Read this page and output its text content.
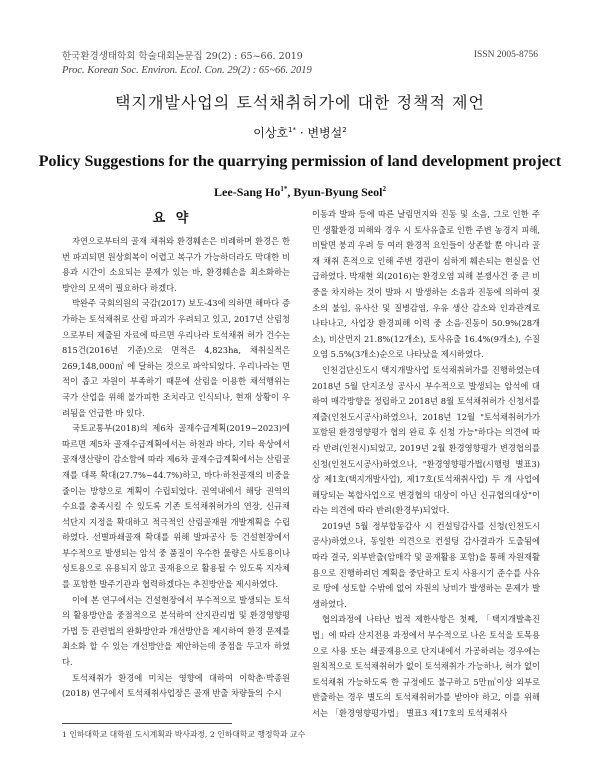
한국환경생태학회 학술대회논문집 29(2) : 65~66. 2019
Proc. Korean Soc. Environ. Ecol. Con. 29(2) : 65~66. 2019
ISSN 2005-8756
택지개발사업의 토석채취허가에 대한 정책적 제언
이상호$^{1*}$ · 변병설$^2$
Policy Suggestions for the quarrying permission of land development project
Lee-Sang $Ho^{1*}$, Byun-Byung Seol$^2$
요 약

자연으로부터의 골재 채취와 환경훼손은 비례하며 환경은 한 번 파괴되면 원상회복이 어렵고 복구가 가능하더라도 막대한 비용과 시간이 소요되는 문제가 있는 바, 환경훼손을 최소화하는 방안의 모색이 필요하다 하겠다.

박완주 국회의원의 국감(2017) 보도-43에 의하면 해마다 증가하는 토석채취로 산림 파괴가 우려되고 있고, 2017년 산림청으로부터 제출된 자료에 따르면 우리나라 토석채취 허가 건수는 815건(2016년 기준)으로 면적은 4,823ha, 채취실적은 269,148,000㎥ 에 달하는 것으로 파악되었다. 우리나라는 면적이 좁고 자원이 부족하기 때문에 산림을 이용한 채석행위는 국가 산업을 위해 불가피한 조치라고 인식되나, 현재 상황이 우려됨을 언급한 바 있다.

국토교통부(2018)의 제6차 골재수급계획(2019~2023)에 따르면 제5차 골재수급계획에서는 하천과 바다, 기타 육상에서 골재생산량이 감소함에 따라 제6차 골재수급계획에서는 산림골재를 대폭 확대(27.7%~44.7%)하고, 바다·하천골재의 비중을 줄이는 방향으로 계획이 수립되었다. 권역내에서 해당 권역의 수요를 충족시킬 수 있도록 기존 토석채취허가의 연장, 신규채석단지 지정을 확대하고 적극적인 산림골재원 개발계획을 수립하였다. 선별파쇄골재 확대를 위해 발파공사 등 건설현장에서 부수적으로 발생되는 암석 중 품질이 우수한 물량은 사토용이나 성토용으로 유용되지 않고 골재용으로 활용될 수 있도록 지자체를 포함한 발주기관과 협력하겠다는 추진방안을 제시하였다.

이에 본 연구에서는 건설현장에서 부수적으로 발생되는 토석의 활용방안을 중점적으로 분석하여 산지관리법 및 환경영향평가법 등 관련법의 완화방안과 개선방안을 제시하여 환경 문제를 최소화 할 수 있는 개선방안을 제안하는데 중점을 두고자 하였다.

토석채취가 환경에 미치는 영향에 대하여 이학춘·박종원(2018) 연구에서 토석채취사업장은 골재 반출 차량들의 수시

이동과 발파 등에 따른 날림먼지와 진동 및 소음, 그로 인한 주민 생활환경 피해와 경우 시 토사유출로 인한 주변 농경지 피해, 비탈면 붕괴 우려 등 여러 환경적 요인들이 상존할 뿐 아니라 골재 채취 흔적으로 인해 주변 경관이 심하게 훼손되는 현실을 언급하였다. 박재현 외(2016)는 환경오염 피해 분쟁사건 중 큰 비중을 차지하는 것이 발파 시 발생하는 소음과 진동에 의하여 젖소의 불임, 유사산 및 질병감염, 우유 생산 감소와 인과관계로 나타나고, 사업장 환경피해 이력 중 소음·진동이 50.9%(28개소), 비산먼지 21.8%(12개소), 토사유출 16.4%(9개소), 수질오염 5.5%(3개소)순으로 나타났을 제시하였다.

인천검단신도시 택지개발사업 토석채취허가를 진행하였는데 2018년 5월 단지조성 공사시 부수적으로 발생되는 암석에 대하여 매각방향을 정립하고 2018년 8월 토석채취허가 신청서를 제출(인천도시공사)하였으나, 2018년 12월 "토석채취허가가 포함된 환경영향평가 협의 완료 후 신청 가능"하다는 의견에 따라 반려(인천시)되었고, 2019년 2월 환경영향평가 변경협의를 신청(인천도시공사)하였으나, "환경영향평가법(시행령 별표3)상 제1호(택지개발사업), 제17호(토석채취사업) 두 개 사업에 해당되는 복합사업으로 변경협의 대상이 아닌 신규협의대상"이라는 의견에 따라 반려(환경부)되었다.

2019년 5월 정부합동감사 시 컨설팅감사를 신청(인천도시공사)하였으나, 동일한 의견으로 컨설팅 감사결과가 도출됨에 따라 결국, 외부반출(암매각 및 골재활용 포함)을 통해 자원재활용으로 진행하려던 계획을 중단하고 토지 사용시기 준수를 사유로 땅에 성토할 수밖에 없어 자원의 낭비가 발생하는 문제가 발생하였다.

협의과정에 나타난 법적 제한사항은 첫째, 「택지개발촉진법」에 따라 산지전용 과정에서 부수적으로 나온 토석을 토목용으로 사용 또는 쇄골재용으로 단지내에서 가공하려는 경우에는 원칙적으로 토석채취허가 없이 토석채취가 가능하나, 허가 없이 토석채취 가능하도록 한 규정에도 불구하고 5만㎥이상 외부로 반출하는 경우 별도의 토석채취허가를 받아야 하고, 이를 위해서는 「환경영향평가법」 별표3 제17호의 토석채취사

1 인하대학교 대학원 도시계획과 박사과정, 2 인하대학교 행정학과 교수
